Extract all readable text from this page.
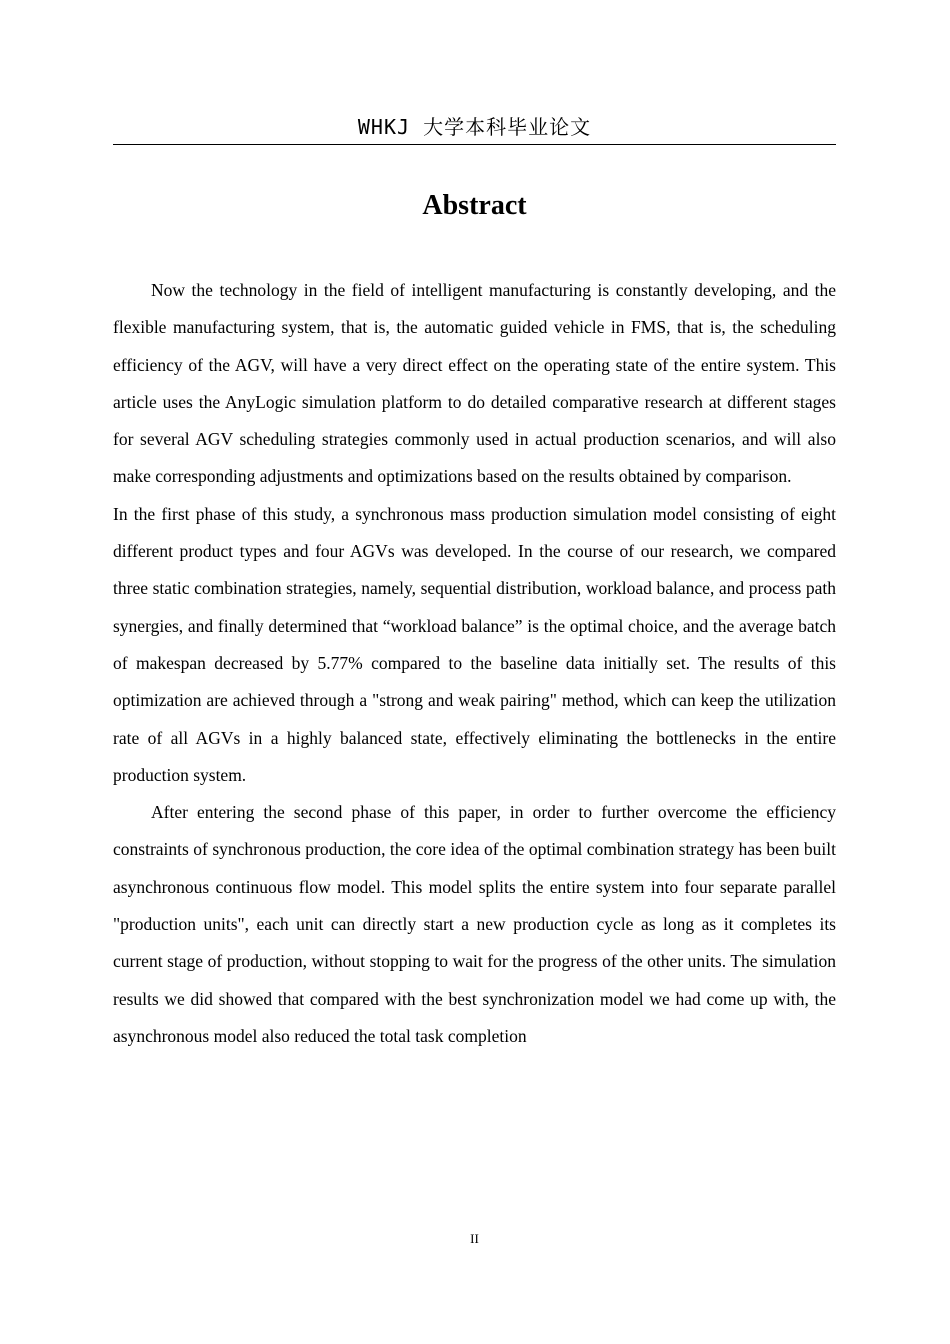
WHKJ 大学本科毕业论文
Abstract

Now the technology in the field of intelligent manufacturing is constantly developing, and the flexible manufacturing system, that is, the automatic guided vehicle in FMS, that is, the scheduling efficiency of the AGV, will have a very direct effect on the operating state of the entire system. This article uses the AnyLogic simulation platform to do detailed comparative research at different stages for several AGV scheduling strategies commonly used in actual production scenarios, and will also make corresponding adjustments and optimizations based on the results obtained by comparison.

In the first phase of this study, a synchronous mass production simulation model consisting of eight different product types and four AGVs was developed. In the course of our research, we compared three static combination strategies, namely, sequential distribution, workload balance, and process path synergies, and finally determined that “workload balance” is the optimal choice, and the average batch of makespan decreased by 5.77% compared to the baseline data initially set. The results of this optimization are achieved through a "strong and weak pairing" method, which can keep the utilization rate of all AGVs in a highly balanced state, effectively eliminating the bottlenecks in the entire production system.

After entering the second phase of this paper, in order to further overcome the efficiency constraints of synchronous production, the core idea of the optimal combination strategy has been built asynchronous continuous flow model. This model splits the entire system into four separate parallel "production units", each unit can directly start a new production cycle as long as it completes its current stage of production, without stopping to wait for the progress of the other units. The simulation results we did showed that compared with the best synchronization model we had come up with, the asynchronous model also reduced the total task completion

II
